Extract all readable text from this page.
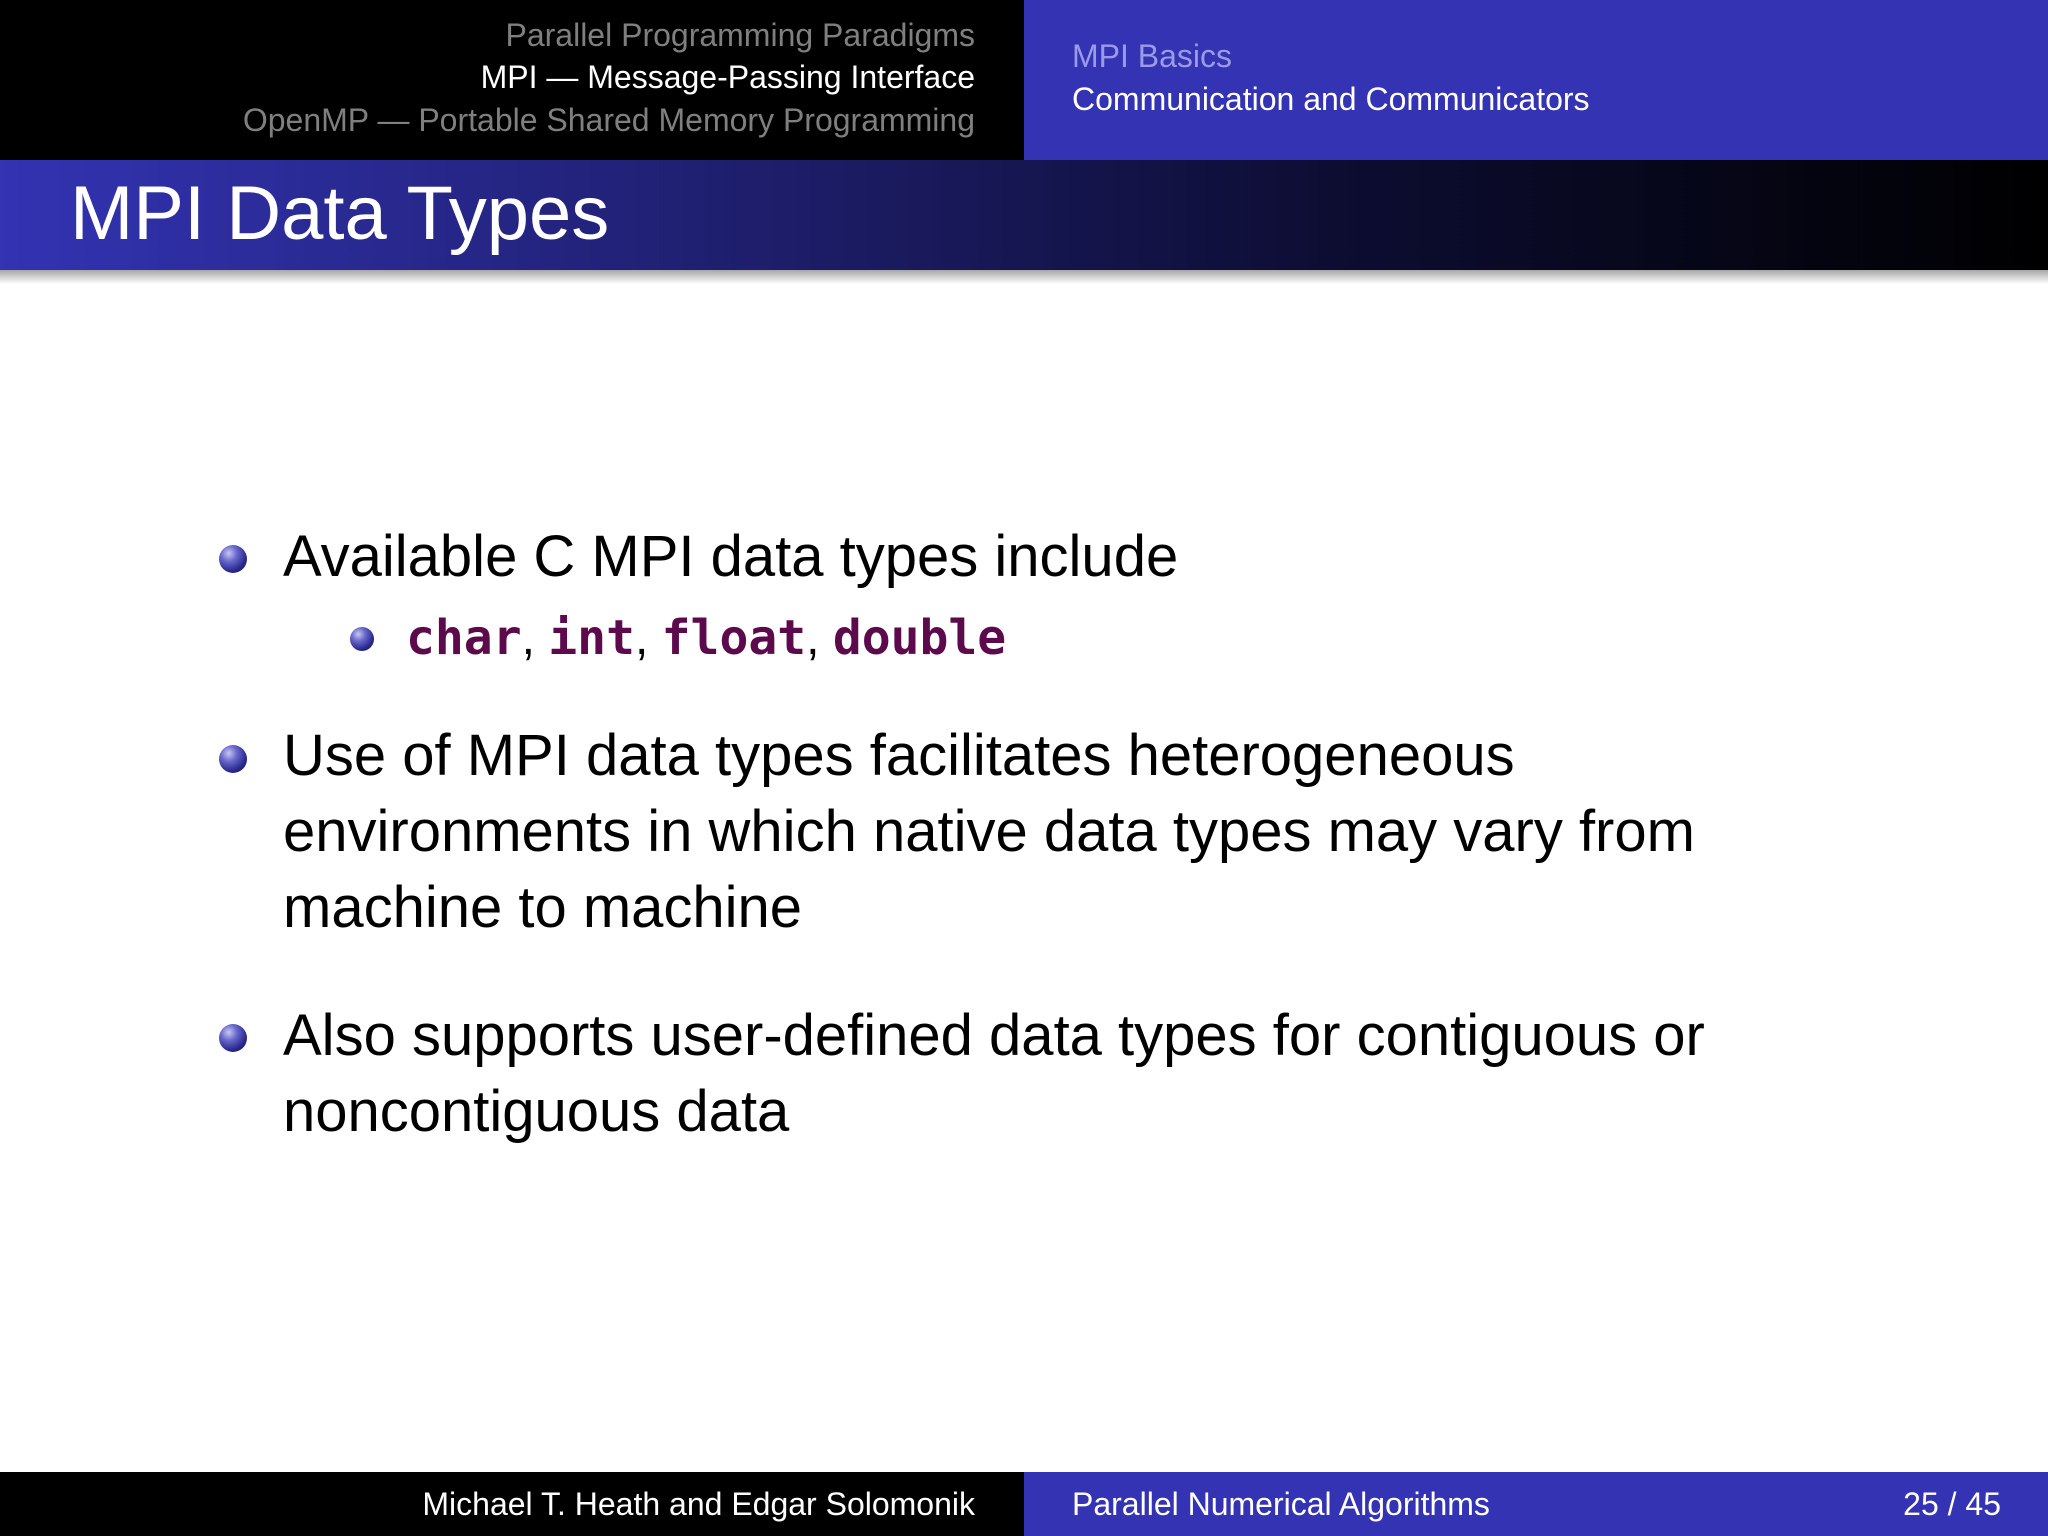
Parallel Programming Paradigms
MPI — Message-Passing Interface
OpenMP — Portable Shared Memory Programming
MPI Basics
Communication and Communicators
MPI Data Types
Available C MPI data types include
char, int, float, double
Use of MPI data types facilitates heterogeneous
environments in which native data types may vary from
machine to machine
Also supports user-defined data types for contiguous or
noncontiguous data
Michael T. Heath and Edgar Solomonik	Parallel Numerical Algorithms	25 / 45
